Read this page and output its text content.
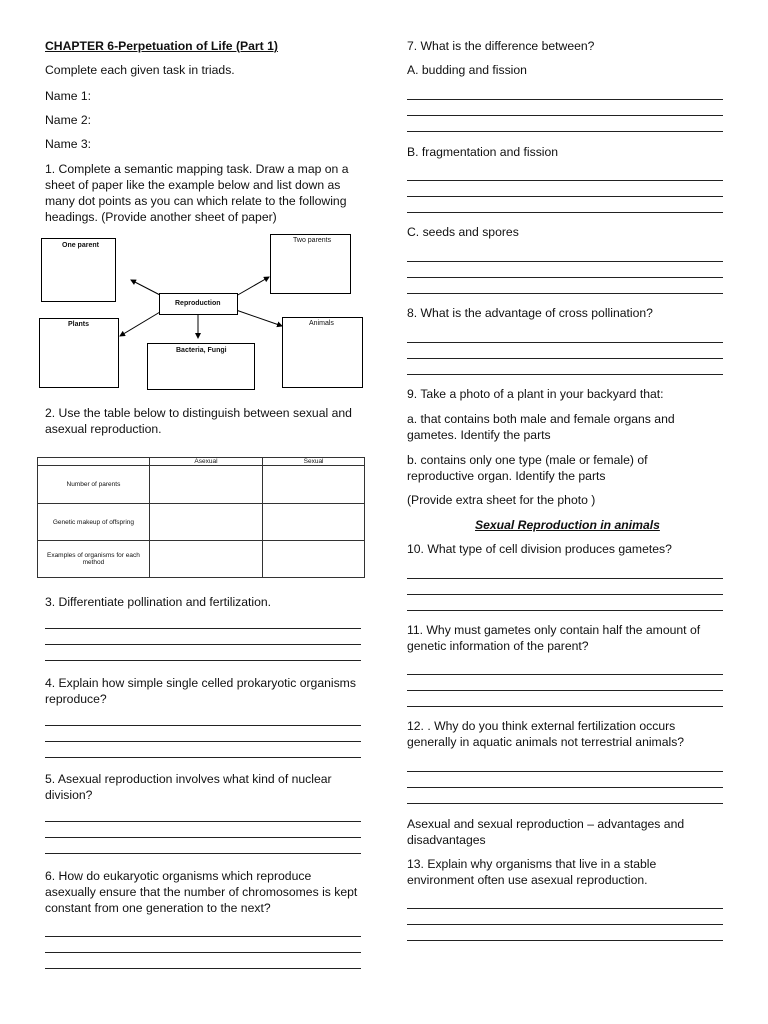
CHAPTER 6-Perpetuation of Life (Part 1)

Complete each given task in triads.

Name 1:

Name 2:

Name 3:

1. Complete a semantic mapping task. Draw a map on a sheet of paper like the example below and list down as many dot points as you can which relate to the following headings. (Provide another sheet of paper)

One parent
Two parents
Reproduction
Plants	Animals
Bacteria, Fungi

2. Use the table below to distinguish between sexual and asexual reproduction.

	Asexual	Sexual
Number of parents		
Genetic makeup of offspring		
Examples of organisms for each method		

3. Differentiate pollination and fertilization.

4. Explain how simple single celled prokaryotic organisms reproduce?

5. Asexual reproduction involves what kind of nuclear division?

6. How do eukaryotic organisms which reproduce asexually ensure that the number of chromosomes is kept constant from one generation to the next?

7. What is the difference between?

A. budding and fission

B. fragmentation and fission

C. seeds and spores

8. What is the advantage of cross pollination?

9. Take a photo of a plant in your backyard that:

a. that contains both male and female organs and gametes. Identify the parts

b. contains only one type (male or female) of reproductive organ. Identify the parts

(Provide extra sheet for the photo )

Sexual Reproduction in animals

10. What type of cell division produces gametes?

11. Why must gametes only contain half the amount of genetic information of the parent?

12. . Why do you think external fertilization occurs generally in aquatic animals not terrestrial animals?

Asexual and sexual reproduction – advantages and disadvantages

13. Explain why organisms that live in a stable environment often use asexual reproduction.
